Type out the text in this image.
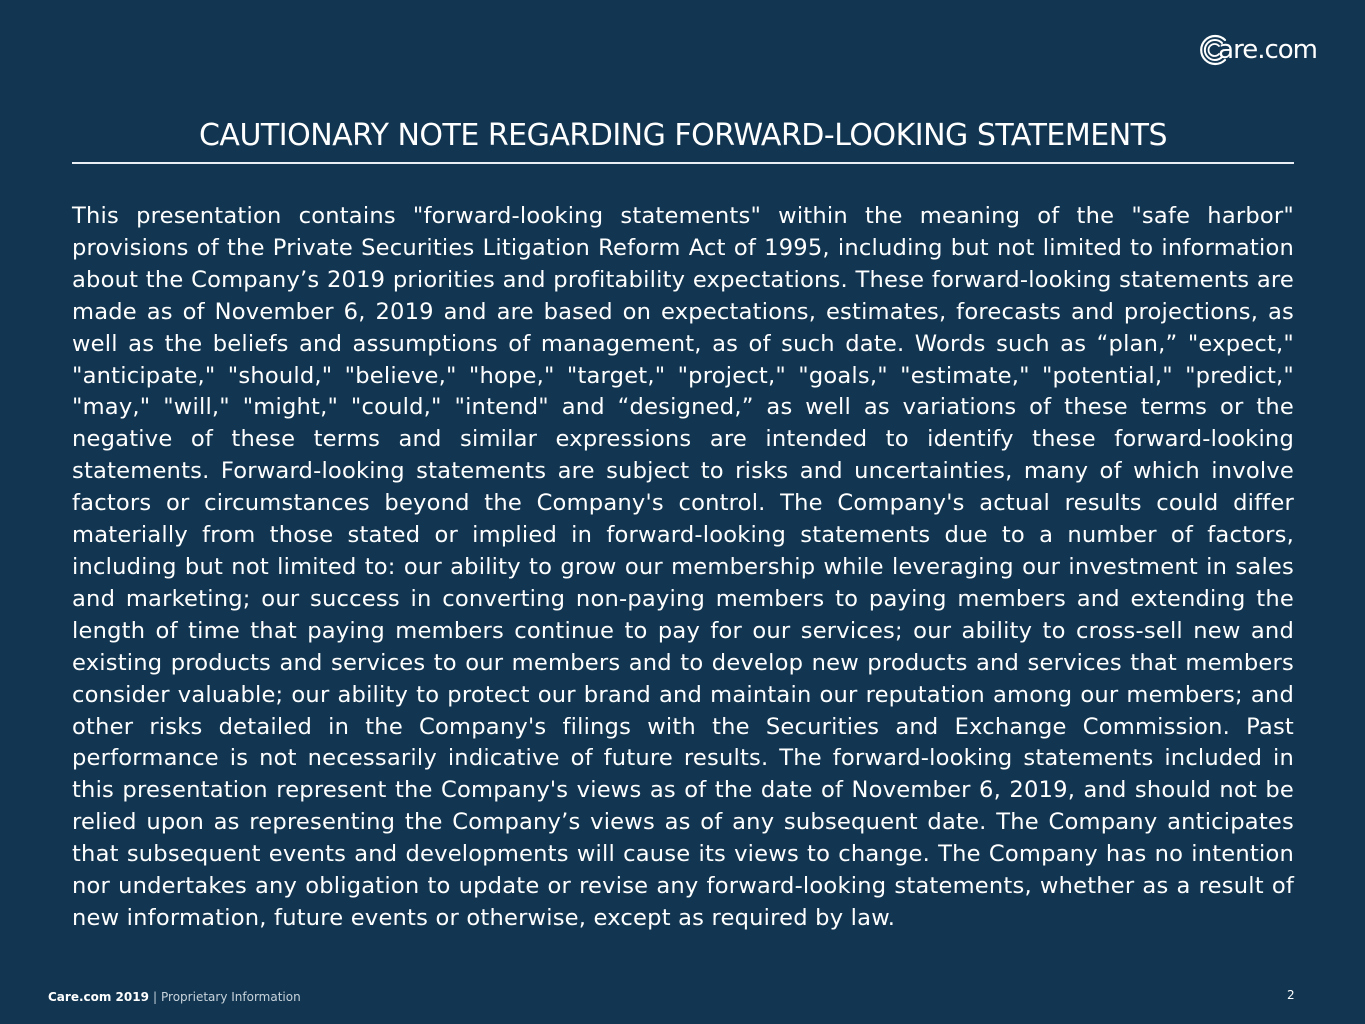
are.com
CAUTIONARY NOTE REGARDING FORWARD-LOOKING STATEMENTS

This presentation contains "forward-looking statements" within the meaning of the "safe harbor" provisions of the Private Securities Litigation Reform Act of 1995, including but not limited to information about the Company’s 2019 priorities and profitability expectations. These forward-looking statements are made as of November 6, 2019 and are based on expectations, estimates, forecasts and projections, as well as the beliefs and assumptions of management, as of such date. Words such as “plan,” "expect," "anticipate," "should," "believe," "hope," "target," "project," "goals," "estimate," "potential," "predict," "may," "will," "might," "could," "intend" and “designed,” as well as variations of these terms or the negative of these terms and similar expressions are intended to identify these forward-looking statements. Forward-looking statements are subject to risks and uncertainties, many of which involve factors or circumstances beyond the Company's control. The Company's actual results could differ materially from those stated or implied in forward-looking statements due to a number of factors, including but not limited to: our ability to grow our membership while leveraging our investment in sales and marketing; our success in converting non-paying members to paying members and extending the length of time that paying members continue to pay for our services; our ability to cross-sell new and existing products and services to our members and to develop new products and services that members consider valuable; our ability to protect our brand and maintain our reputation among our members; and other risks detailed in the Company's filings with the Securities and Exchange Commission. Past performance is not necessarily indicative of future results. The forward-looking statements included in this presentation represent the Company's views as of the date of November 6, 2019, and should not be relied upon as representing the Company’s views as of any subsequent date. The Company anticipates that subsequent events and developments will cause its views to change. The Company has no intention nor undertakes any obligation to update or revise any forward-looking statements, whether as a result of new information, future events or otherwise, except as required by law.

Care.com 2019 | Proprietary Information	2
